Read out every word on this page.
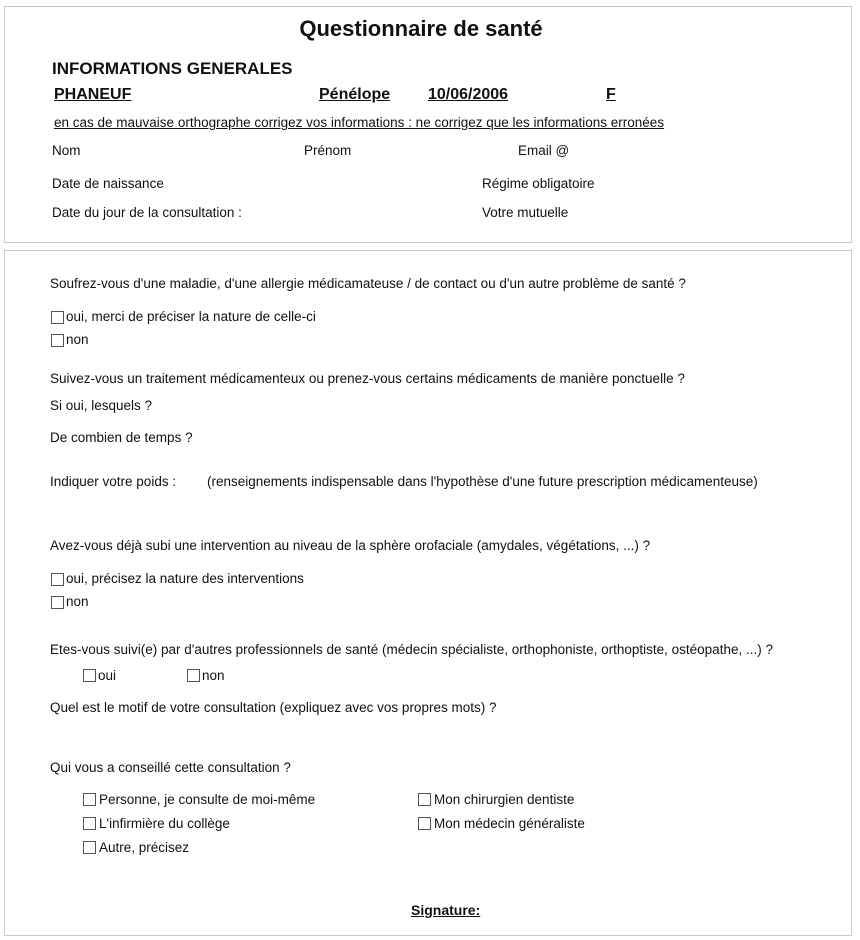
Questionnaire de santé
INFORMATIONS GENERALES
PHANEUF	Pénélope 10/06/2006	F
en cas de mauvaise orthographe corrigez vos informations : ne corrigez que les informations erronées
Nom	Prénom	Email @
Date de naissance	Régime obligatoire
Date du jour de la consultation :	Votre mutuelle
Soufrez-vous d'une maladie, d'une allergie médicamateuse / de contact ou d'un autre problème de santé ?
oui, merci de préciser la nature de celle-ci
non
Suivez-vous un traitement médicamenteux ou prenez-vous certains médicaments de manière ponctuelle ?
Si oui, lesquels ?
De combien de temps ?
Indiquer votre poids : (renseignements indispensable dans l'hypothèse d'une future prescription médicamenteuse)
Avez-vous déjà subi une intervention au niveau de la sphère orofaciale (amydales, végétations, ...) ?
oui, précisez la nature des interventions
non
Etes-vous suivi(e) par d'autres professionnels de santé (médecin spécialiste, orthophoniste, orthoptiste, ostéopathe, ...) ?
oui	non
Quel est le motif de votre consultation (expliquez avec vos propres mots) ?
Qui vous a conseillé cette consultation ?
Personne, je consulte de moi-même	Mon chirurgien dentiste
L'infirmière du collège	Mon médecin généraliste
Autre, précisez
Signature:
